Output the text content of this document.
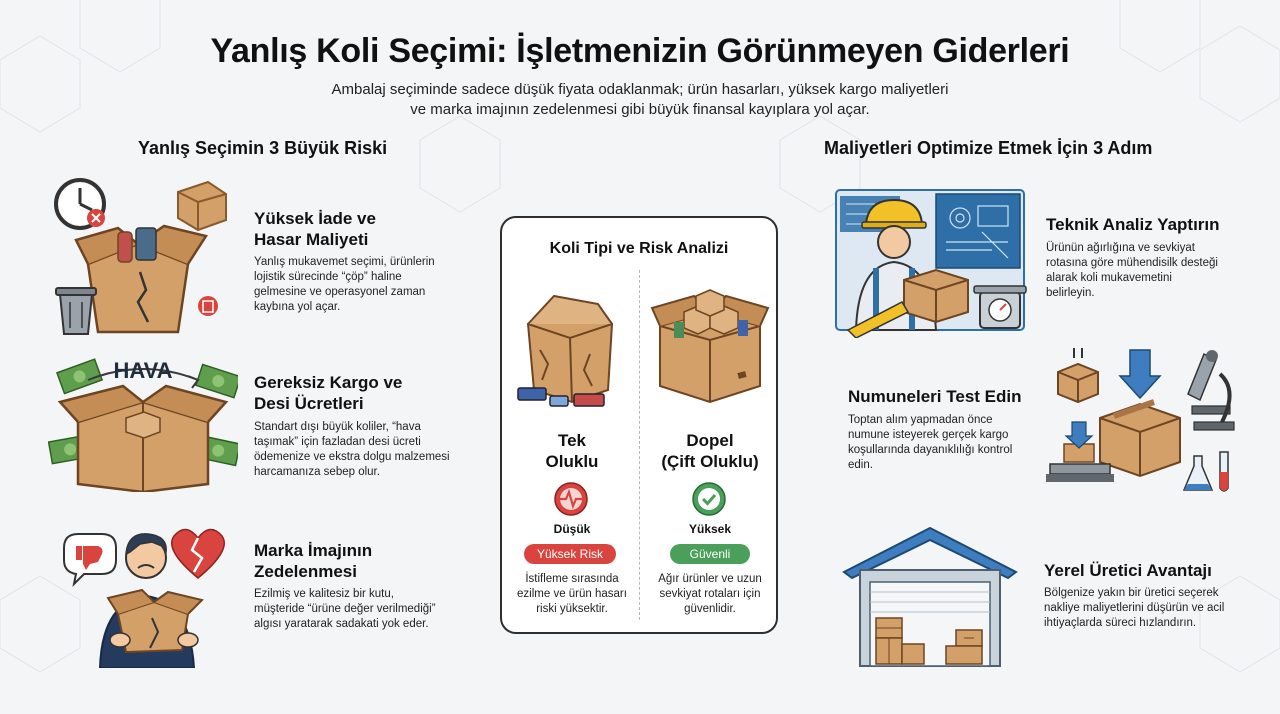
Yanlış Koli Seçimi: İşletmenizin Görünmeyen Giderleri
Ambalaj seçiminde sadece düşük fiyata odaklanmak; ürün hasarları, yüksek kargo maliyetleri
ve marka imajının zedelenmesi gibi büyük finansal kayıplara yol açar.
Yanlış Seçimin 3 Büyük Riski
Yüksek İade ve
Hasar Maliyeti
Yanlış mukavemet seçimi, ürünlerin
lojistik sürecinde “çöp” haline
gelmesine ve operasyonel zaman
kaybına yol açar.
HAVA	Gereksiz Kargo ve
Desi Ücretleri
Standart dışı büyük koliler, “hava
taşımak” için fazladan desi ücreti
ödemenize ve ekstra dolgu malzemesi
harcamanıza sebep olur.
Marka İmajının
Zedelenmesi
Ezilmiş ve kalitesiz bir kutu,
müşteride “ürüne değer verilmediği”
algısı yaratarak sadakati yok eder.
Koli Tipi ve Risk Analizi
Tek
Oluklu
Dopel
(Çift Oluklu)
Düşük	Yüksek
Yüksek Risk	Güvenli
İstifleme sırasında
ezilme ve ürün hasarı
riski yüksektir.
Ağır ürünler ve uzun
sevkiyat rotaları için
güvenlidir.
Maliyetleri Optimize Etmek İçin 3 Adım
Teknik Analiz Yaptırın
Ürünün ağırlığına ve sevkiyat
rotasına göre mühendisilk desteği
alarak koli mukavemetini
belirleyin.
Numuneleri Test Edin
Toptan alım yapmadan önce
numune isteyerek gerçek kargo
koşullarında dayanıklılığı kontrol
edin.
Yerel Üretici Avantajı
Bölgenize yakın bir üretici seçerek
nakliye maliyetlerini düşürün ve acil
ihtiyaçlarda süreci hızlandırın.
